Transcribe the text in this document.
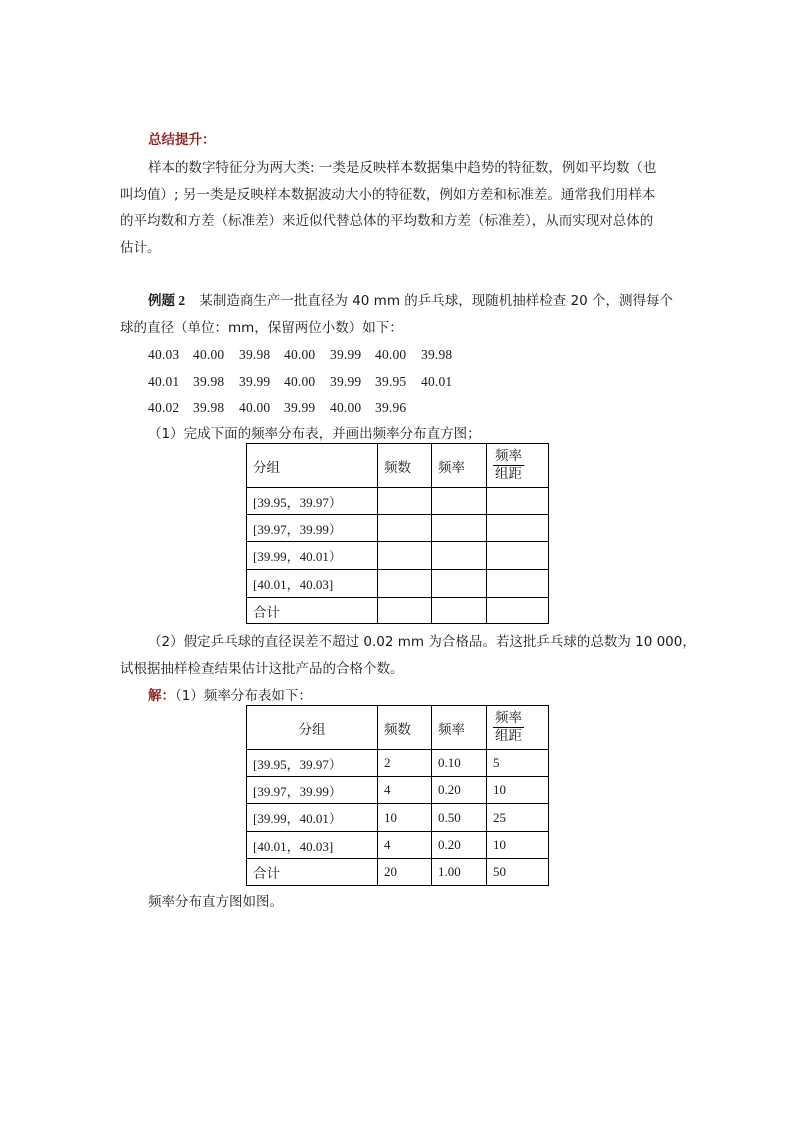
总结提升：
样本的数字特征分为两大类: 一类是反映样本数据集中趋势的特征数，例如平均数（也
叫均值）; 另一类是反映样本数据波动大小的特征数，例如方差和标准差。通常我们用样本
的平均数和方差（标准差）来近似代替总体的平均数和方差（标准差），从而实现对总体的
估计。
例题 2 某制造商生产一批直径为 40 mm 的乒乓球，现随机抽样检查 20 个，测得每个
球的直径（单位：mm，保留两位小数）如下：
40.03 40.00 39.98 40.00 39.99 40.00 39.98
40.01 39.98 39.99 40.00 39.99 39.95 40.01
40.02 39.98 40.00 39.99 40.00 39.96
（1）完成下面的频率分布表，并画出频率分布直方图；
分组	频数	频率	$\frac{\text{频率}}{\text{组距}}$

[39.95，39.97）			
[39.97，39.99）			
[39.99，40.01）			
[40.01，40.03]			
合计			
（2）假定乒乓球的直径误差不超过 0.02 mm 为合格品。若这批乒乓球的总数为 10 000，
试根据抽样检查结果估计这批产品的合格个数。
解：（1）频率分布表如下：
分组	频数	频率	$\frac{\text{频率}}{\text{组距}}$

[39.95，39.97）	2	0.10	5
[39.97，39.99）	4	0.20	10
[39.99，40.01）	10	0.50	25
[40.01，40.03]	4	0.20	10
合计	20	1.00	50
频率分布直方图如图。
